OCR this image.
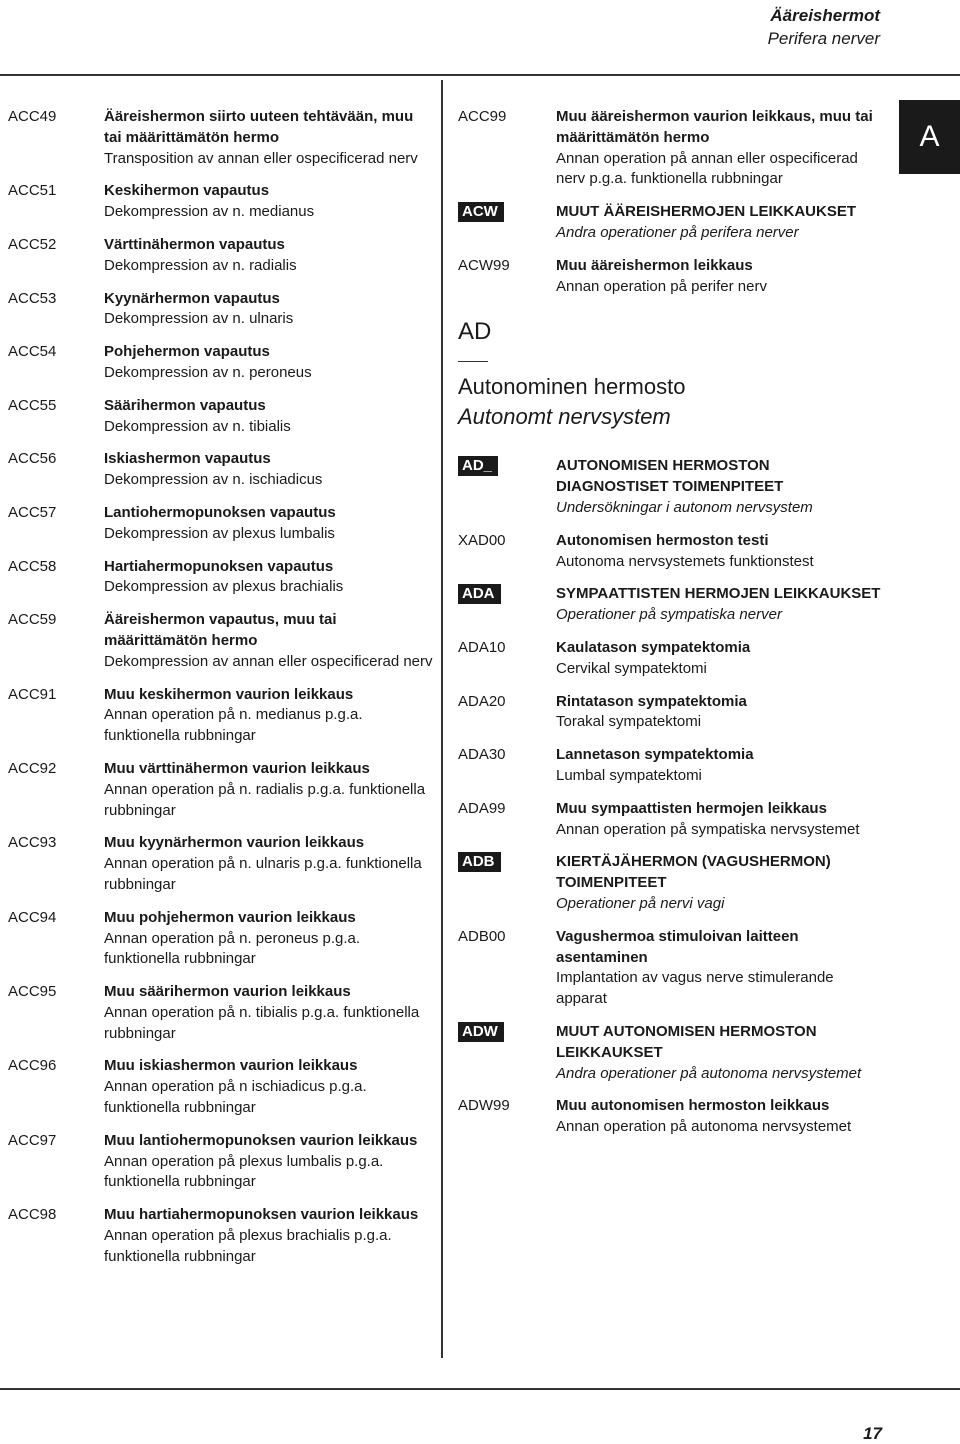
Ääreishermot
Perifera nerver
A
ACC49	Ääreishermon siirto uuteen tehtävään, muu tai määrittämätön hermo
Transposition av annan eller ospecificerad nerv
ACC51	Keskihermon vapautus
Dekompression av n. medianus
ACC52	Värttinähermon vapautus
Dekompression av n. radialis
ACC53	Kyynärhermon vapautus
Dekompression av n. ulnaris
ACC54	Pohjehermon vapautus
Dekompression av n. peroneus
ACC55	Säärihermon vapautus
Dekompression av n. tibialis
ACC56	Iskiashermon vapautus
Dekompression av n. ischiadicus
ACC57	Lantiohermopunoksen vapautus
Dekompression av plexus lumbalis
ACC58	Hartiahermopunoksen vapautus
Dekompression av plexus brachialis
ACC59	Ääreishermon vapautus, muu tai määrittämätön hermo
Dekompression av annan eller ospecificerad nerv
ACC91	Muu keskihermon vaurion leikkaus
Annan operation på n. medianus p.g.a. funktionella rubbningar
ACC92	Muu värttinähermon vaurion leikkaus
Annan operation på n. radialis p.g.a. funktionella rubbningar
ACC93	Muu kyynärhermon vaurion leikkaus
Annan operation på n. ulnaris p.g.a. funktionella rubbningar
ACC94	Muu pohjehermon vaurion leikkaus
Annan operation på n. peroneus p.g.a. funktionella rubbningar
ACC95	Muu säärihermon vaurion leikkaus
Annan operation på n. tibialis p.g.a. funktionella rubbningar
ACC96	Muu iskiashermon vaurion leikkaus
Annan operation på n ischiadicus p.g.a. funktionella rubbningar
ACC97	Muu lantiohermopunoksen vaurion leikkaus
Annan operation på plexus lumbalis p.g.a. funktionella rubbningar
ACC98	Muu hartiahermopunoksen vaurion leikkaus
Annan operation på plexus brachialis p.g.a. funktionella rubbningar
ACC99	Muu ääreishermon vaurion leikkaus, muu tai määrittämätön hermo
Annan operation på annan eller ospecificerad nerv p.g.a. funktionella rubbningar
ACW	MUUT ÄÄREISHERMOJEN LEIKKAUKSET
Andra operationer på perifera nerver
ACW99	Muu ääreishermon leikkaus
Annan operation på perifer nerv
AD
Autonominen hermosto
Autonomt nervsystem
AD_	AUTONOMISEN HERMOSTON DIAGNOSTISET TOIMENPITEET
Undersökningar i autonom nervsystem
XAD00	Autonomisen hermoston testi
Autonoma nervsystemets funktionstest
ADA	SYMPAATTISTEN HERMOJEN LEIKKAUKSET
Operationer på sympatiska nerver
ADA10	Kaulatason sympatektomia
Cervikal sympatektomi
ADA20	Rintatason sympatektomia
Torakal sympatektomi
ADA30	Lannetason sympatektomia
Lumbal sympatektomi
ADA99	Muu sympaattisten hermojen leikkaus
Annan operation på sympatiska nervsystemet
ADB	KIERTÄJÄHERMON (VAGUSHERMON) TOIMENPITEET
Operationer på nervi vagi
ADB00	Vagushermoa stimuloivan laitteen asentaminen
Implantation av vagus nerve stimulerande apparat
ADW	MUUT AUTONOMISEN HERMOSTON LEIKKAUKSET
Andra operationer på autonoma nervsystemet
ADW99	Muu autonomisen hermoston leikkaus
Annan operation på autonoma nervsystemet
17
